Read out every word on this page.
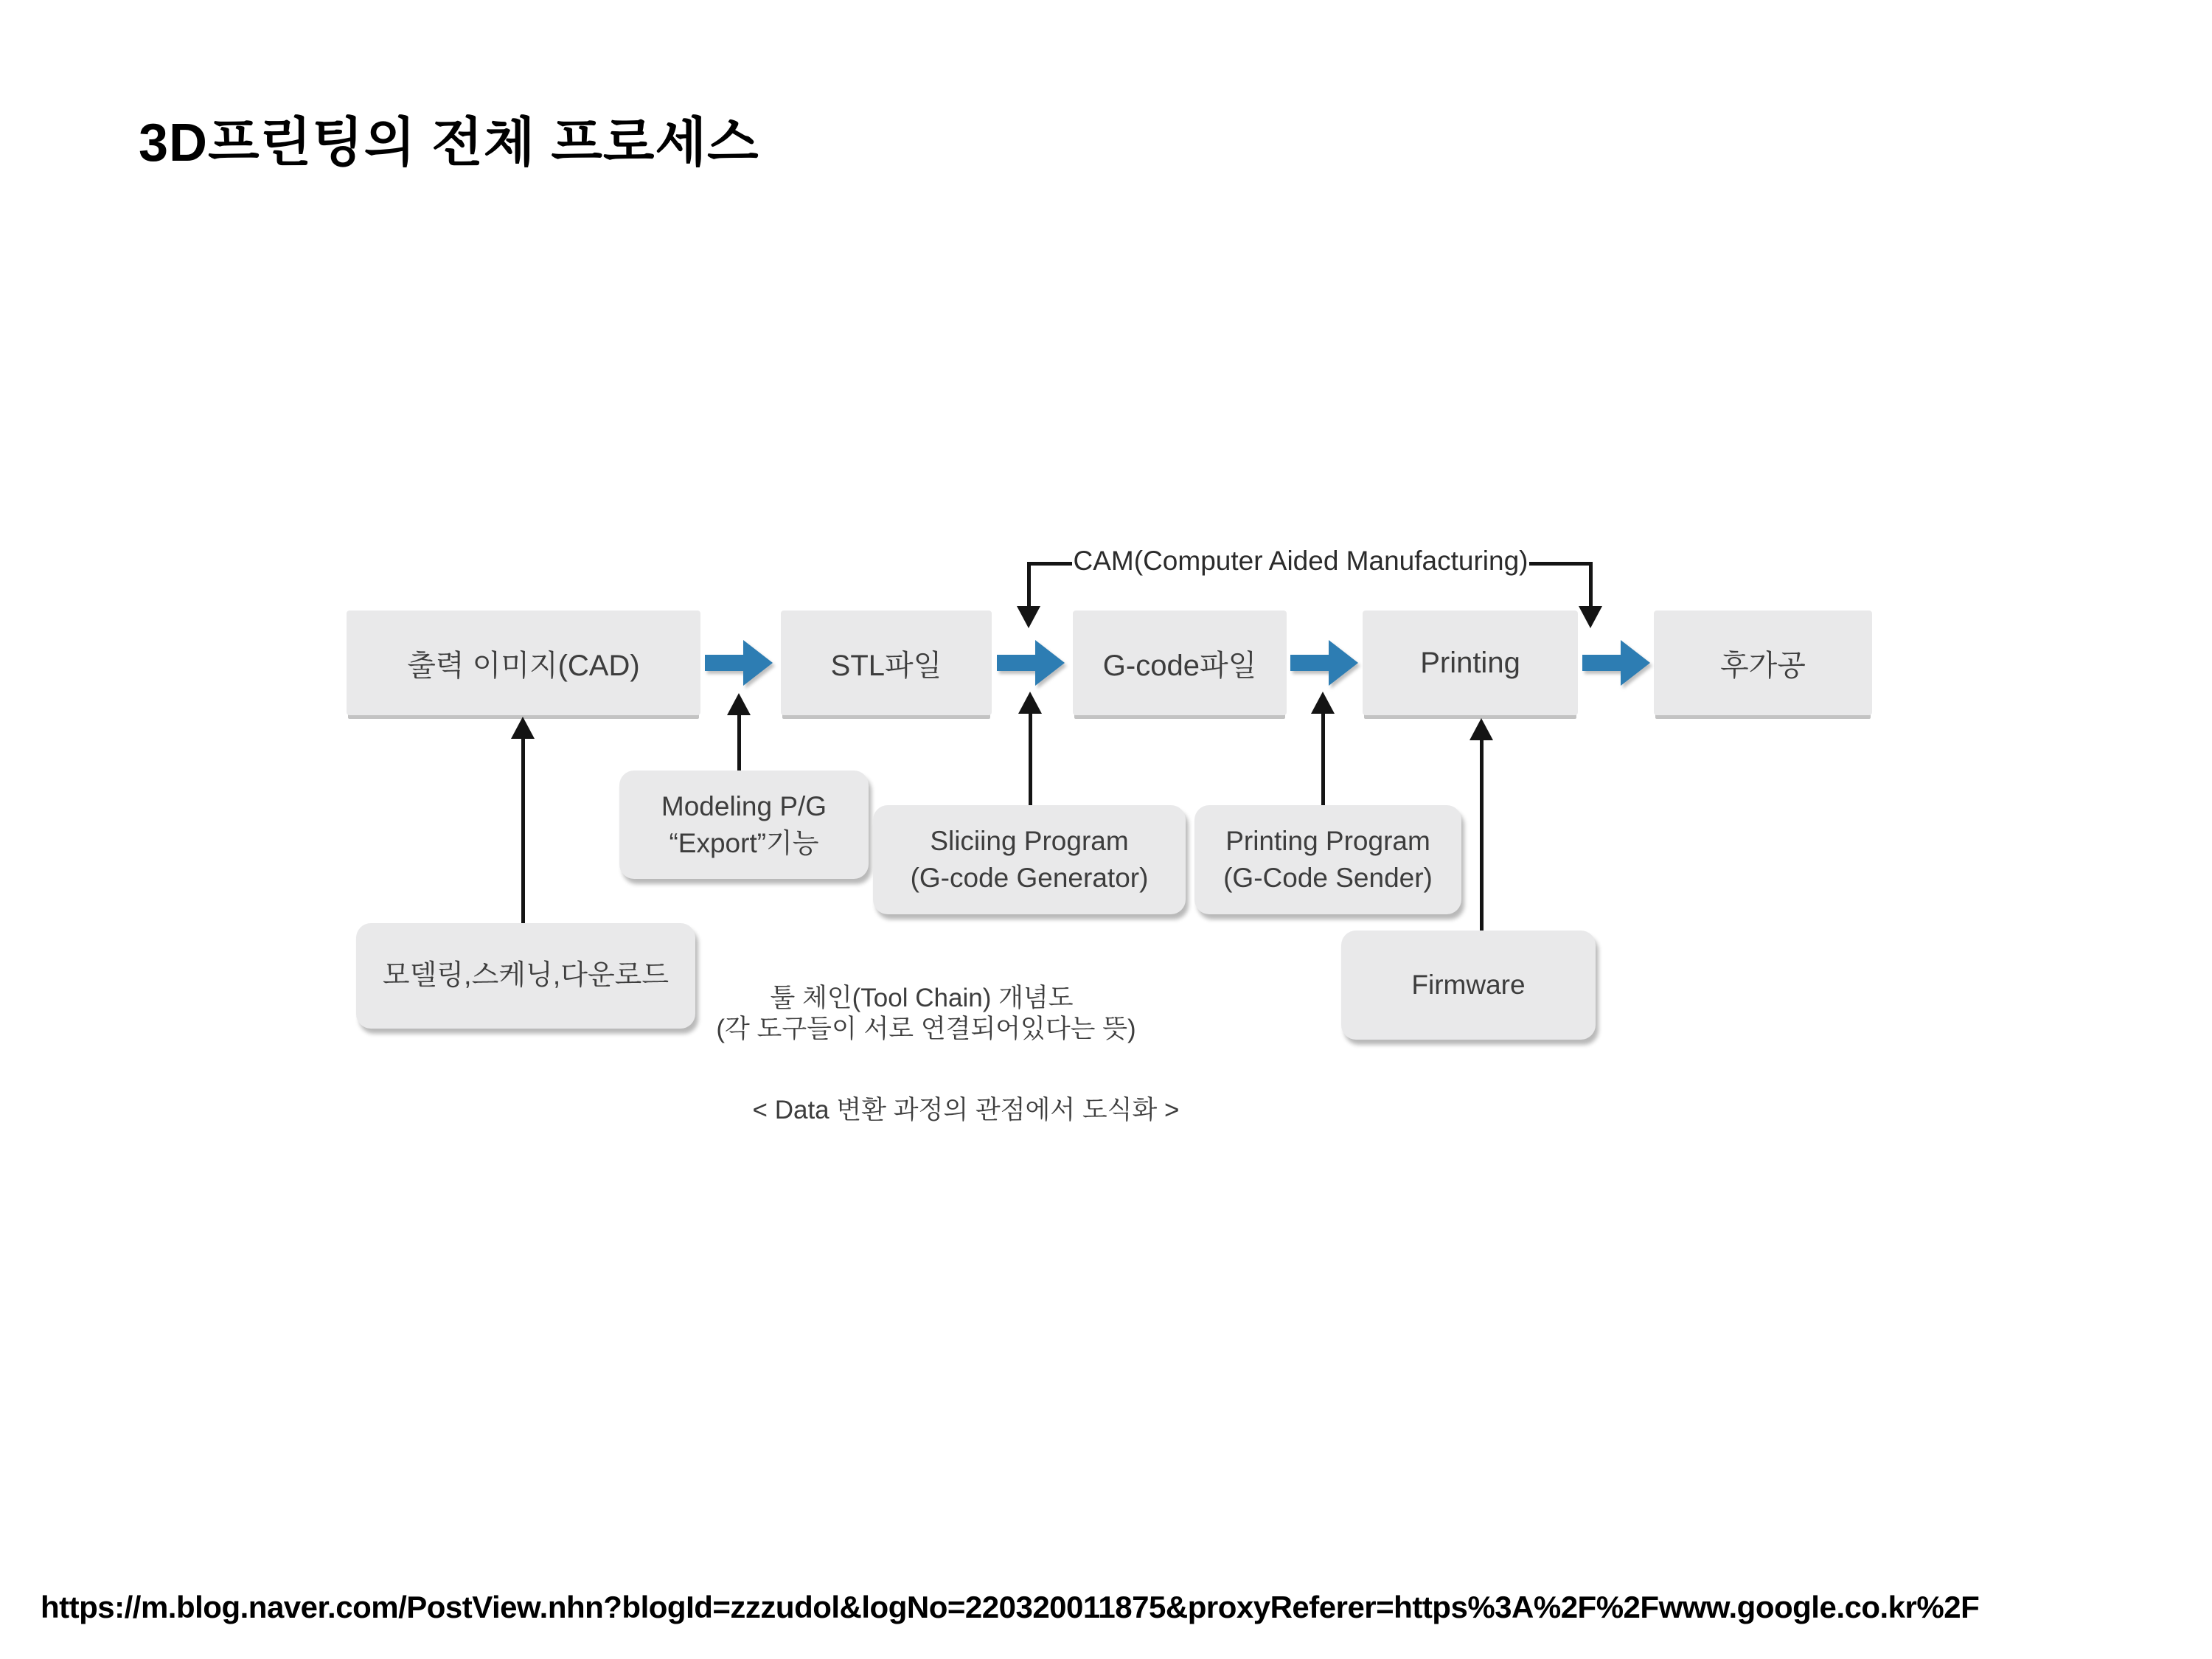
3D프린팅의 전체 프로세스
CAM(Computer Aided Manufacturing)
출력 이미지(CAD)	STL파일	G-code파일	Printing	후가공
Modeling P/G
“Export”기능	Sliciing Program
(G-code Generator)
Printing Program
(G-Code Sender)
모델링,스케닝,다운로드	Firmware
툴 체인(Tool Chain) 개념도
(각 도구들이 서로 연결되어있다는 뜻)
< Data 변환 과정의 관점에서 도식화 >
https://m.blog.naver.com/PostView.nhn?blogId=zzzudol&logNo=220320011875&proxyReferer=https%3A%2F%2Fwww.google.co.kr%2F
